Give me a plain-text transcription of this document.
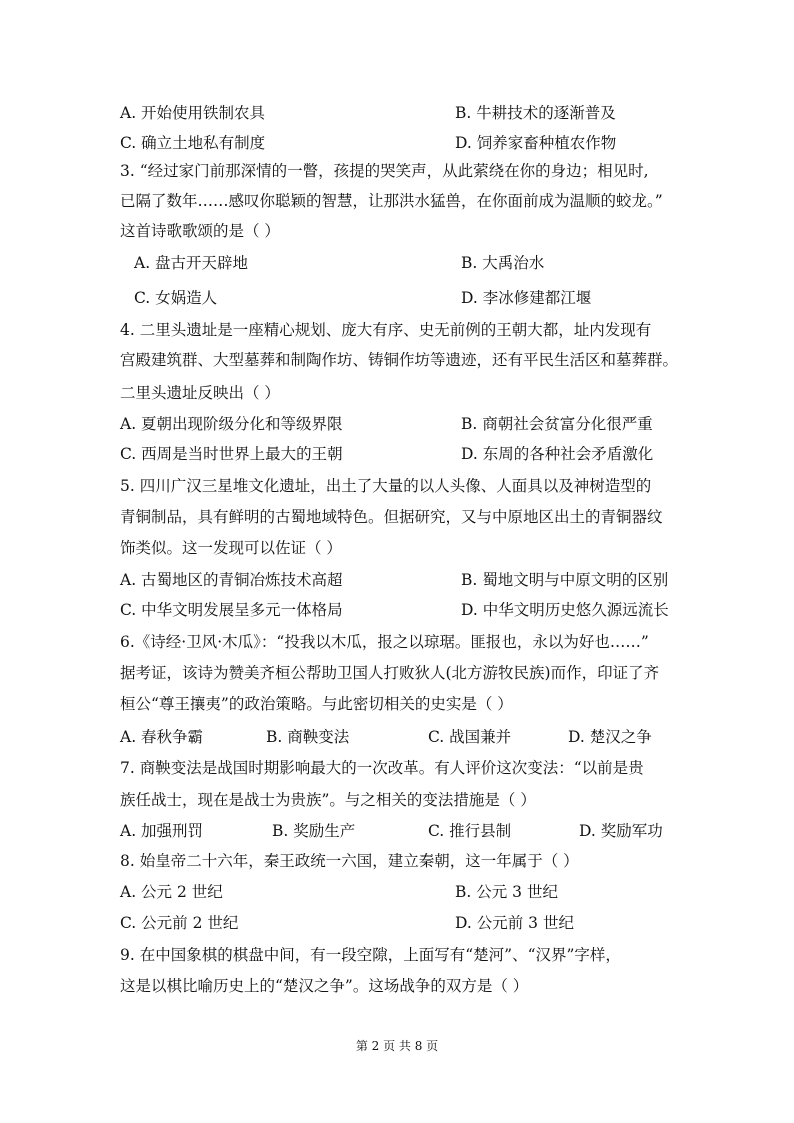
A. 开始使用铁制农具	B. 牛耕技术的逐渐普及
C. 确立土地私有制度	D. 饲养家畜种植农作物
3. “经过家门前那深情的一瞥，孩提的哭笑声，从此萦绕在你的身边；相见时,
已隔了数年……感叹你聪颖的智慧，让那洪水猛兽，在你面前成为温顺的蛟龙。”
这首诗歌歌颂的是（ ）
A. 盘古开天辟地	B. 大禹治水
C. 女娲造人	D. 李冰修建都江堰
4. 二里头遗址是一座精心规划、庞大有序、史无前例的王朝大都，址内发现有
宫殿建筑群、大型墓葬和制陶作坊、铸铜作坊等遗迹，还有平民生活区和墓葬群。
二里头遗址反映出（ ）
A. 夏朝出现阶级分化和等级界限	B. 商朝社会贫富分化很严重
C. 西周是当时世界上最大的王朝	D. 东周的各种社会矛盾激化
5. 四川广汉三星堆文化遗址，出土了大量的以人头像、人面具以及神树造型的
青铜制品，具有鲜明的古蜀地域特色。但据研究，又与中原地区出土的青铜器纹
饰类似。这一发现可以佐证（ ）
A. 古蜀地区的青铜冶炼技术高超	B. 蜀地文明与中原文明的区别
C. 中华文明发展呈多元一体格局	D. 中华文明历史悠久源远流长
6.《诗经·卫风·木瓜》：“投我以木瓜，报之以琼琚。匪报也，永以为好也……”
据考证，该诗为赞美齐桓公帮助卫国人打败狄人(北方游牧民族)而作，印证了齐
桓公“尊王攘夷”的政治策略。与此密切相关的史实是（ ）
A. 春秋争霸	B. 商鞅变法	C. 战国兼并	D. 楚汉之争
7. 商鞅变法是战国时期影响最大的一次改革。有人评价这次变法：“以前是贵
族任战士，现在是战士为贵族”。与之相关的变法措施是（ ）
A. 加强刑罚	B. 奖励生产	C. 推行县制	D. 奖励军功
8. 始皇帝二十六年，秦王政统一六国，建立秦朝，这一年属于（ ）
A. 公元 2 世纪	B. 公元 3 世纪
C. 公元前 2 世纪	D. 公元前 3 世纪
9. 在中国象棋的棋盘中间，有一段空隙，上面写有“楚河”、“汉界”字样，
这是以棋比喻历史上的“楚汉之争”。这场战争的双方是（ ）
第 2 页 共 8 页
